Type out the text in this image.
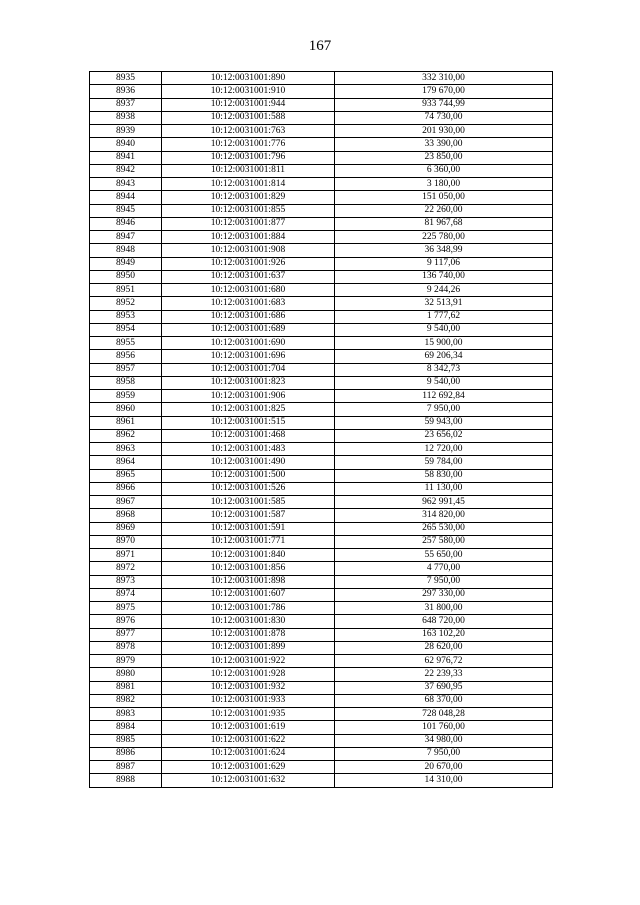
167
8935	10:12:0031001:890	332 310,00
8936	10:12:0031001:910	179 670,00
8937	10:12:0031001:944	933 744,99
8938	10:12:0031001:588	74 730,00
8939	10:12:0031001:763	201 930,00
8940	10:12:0031001:776	33 390,00
8941	10:12:0031001:796	23 850,00
8942	10:12:0031001:811	6 360,00
8943	10:12:0031001:814	3 180,00
8944	10:12:0031001:829	151 050,00
8945	10:12:0031001:855	22 260,00
8946	10:12:0031001:877	81 967,68
8947	10:12:0031001:884	225 780,00
8948	10:12:0031001:908	36 348,99
8949	10:12:0031001:926	9 117,06
8950	10:12:0031001:637	136 740,00
8951	10:12:0031001:680	9 244,26
8952	10:12:0031001:683	32 513,91
8953	10:12:0031001:686	1 777,62
8954	10:12:0031001:689	9 540,00
8955	10:12:0031001:690	15 900,00
8956	10:12:0031001:696	69 206,34
8957	10:12:0031001:704	8 342,73
8958	10:12:0031001:823	9 540,00
8959	10:12:0031001:906	112 692,84
8960	10:12:0031001:825	7 950,00
8961	10:12:0031001:515	59 943,00
8962	10:12:0031001:468	23 656,02
8963	10:12:0031001:483	12 720,00
8964	10:12:0031001:490	59 784,00
8965	10:12:0031001:500	58 830,00
8966	10:12:0031001:526	11 130,00
8967	10:12:0031001:585	962 991,45
8968	10:12:0031001:587	314 820,00
8969	10:12:0031001:591	265 530,00
8970	10:12:0031001:771	257 580,00
8971	10:12:0031001:840	55 650,00
8972	10:12:0031001:856	4 770,00
8973	10:12:0031001:898	7 950,00
8974	10:12:0031001:607	297 330,00
8975	10:12:0031001:786	31 800,00
8976	10:12:0031001:830	648 720,00
8977	10:12:0031001:878	163 102,20
8978	10:12:0031001:899	28 620,00
8979	10:12:0031001:922	62 976,72
8980	10:12:0031001:928	22 239,33
8981	10:12:0031001:932	37 690,95
8982	10:12:0031001:933	68 370,00
8983	10:12:0031001:935	728 048,28
8984	10:12:0031001:619	101 760,00
8985	10:12:0031001:622	34 980,00
8986	10:12:0031001:624	7 950,00
8987	10:12:0031001:629	20 670,00
8988	10:12:0031001:632	14 310,00
